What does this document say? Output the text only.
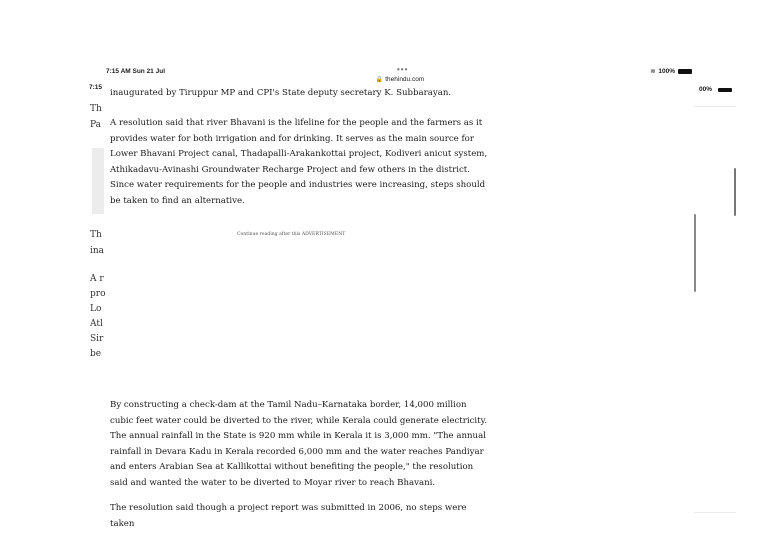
7:15	00%
Th
Pa
Th
ina
A r
pro
Lo
Atl
Sir
be
7:15 AM Sun 21 Jul	•••	≋ 100%
🔒 thehindu.com

inaugurated by Tiruppur MP and CPI's State deputy secretary K. Subbarayan.

A resolution said that river Bhavani is the lifeline for the people and the farmers as it provides water for both irrigation and for drinking. It serves as the main source for Lower Bhavani Project canal, Thadapalli-Arakankottai project, Kodiveri anicut system, Athikadavu-Avinashi Groundwater Recharge Project and few others in the district. Since water requirements for the people and industries were increasing, steps should be taken to find an alternative.

Continue reading after this ADVERTISEMENT

By constructing a check-dam at the Tamil Nadu–Karnataka border, 14,000 million cubic feet water could be diverted to the river, while Kerala could generate electricity. The annual rainfall in the State is 920 mm while in Kerala it is 3,000 mm. "The annual rainfall in Devara Kadu in Kerala recorded 6,000 mm and the water reaches Pandiyar and enters Arabian Sea at Kallikottai without benefiting the people," the resolution said and wanted the water to be diverted to Moyar river to reach Bhavani.

The resolution said though a project report was submitted in 2006, no steps were taken
